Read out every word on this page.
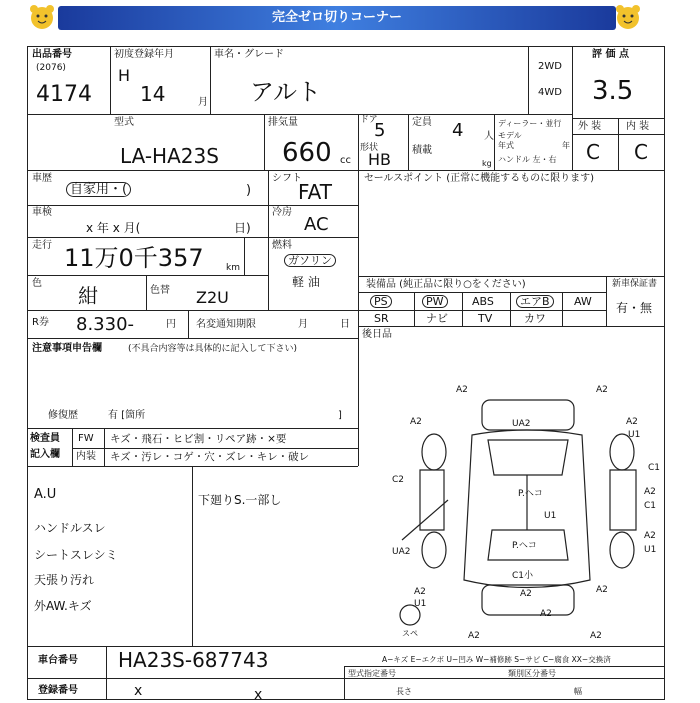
完全ゼロ切りコーナー
出品番号
(2076)
4174
初度登録年月
H
14	月
車名・グレード
アルト
2WD
4WD
評 価 点
3.5
型式
LA-HA23S
排気量
660 cc
ドア
5
形状
HB
定員 4 人
積載
kg
ディーラー・並行
モデル
年式	年
ハンドル 左・右
外 装 内 装
C C
車歴
自家用・(	)
シフト
FAT
車検
x 年 x 月(	日)
冷房
AC
走行 11万0千357 km
燃料
ガソリン
軽 油
色
紺	色替 Z2U
R券 8.330-	円 名変通知期限	月	日
セールスポイント (正常に機能するものに限ります)
装備品 (純正品に限り○をください)	新車保証書
有・無
PS	PW	ABS	エアB	AW
SR	ナビ	TV	カワ
後日品
注意事項申告欄	(不具合内容等は具体的に記入して下さい)
修復歴	有 [箇所	]
検査員
記入欄
FW キズ・飛石・ヒビ割・リペア跡・×要
内装 キズ・汚レ・コゲ・穴・ズレ・キレ・破レ
A.U
ハンドルスレ
シートスレシミ
天張り汚れ
外AW.キズ
下廻りS.一部し
A2	A2
A2	A2
UA2
U1
C1
C2
A2
C1
P.ヘコ
U1
A2
U1
UA2
P.ヘコ
A2
U1
C1小
A2	A2
A2
A2
A2
スペ
A−キズ E−エクボ U−凹み W−補修跡 S−サビ C−腐食 XX−交換済
車台番号 HA23S-687743
登録番号	x	x
型式指定番号	類別区分番号
長さ	幅
